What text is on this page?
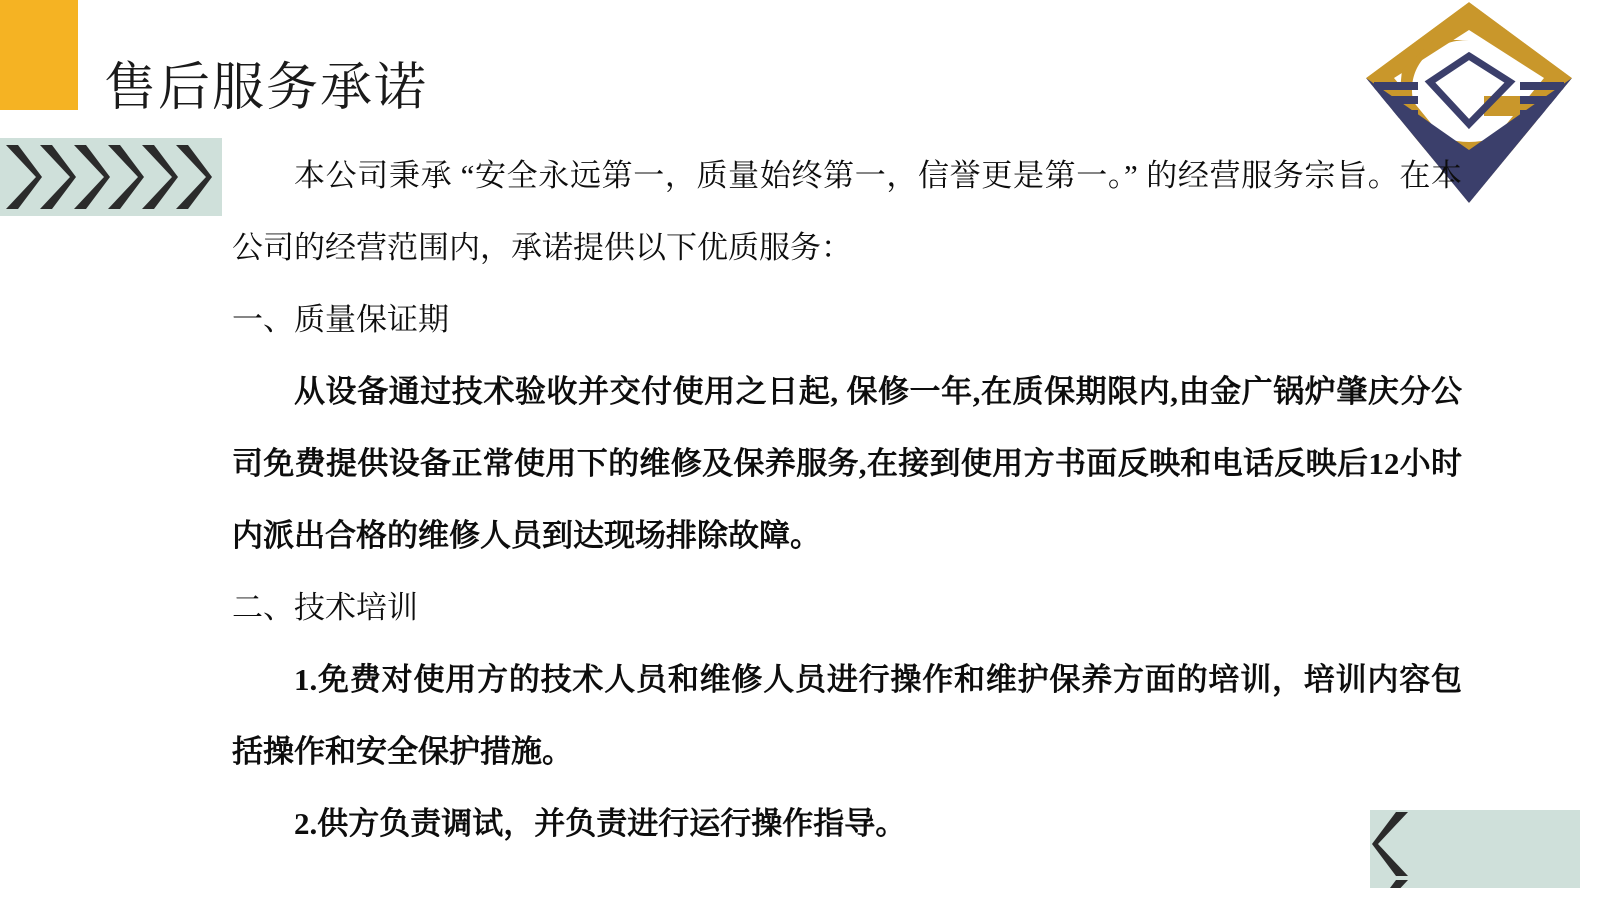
售后服务承诺

本公司秉承 “安全永远第一，质量始终第一，信誉更是第一。” 的经营服务宗旨。在本公司的经营范围内，承诺提供以下优质服务：

一、质量保证期

从设备通过技术验收并交付使用之日起, 保修一年,在质保期限内,由金广锅炉肇庆分公司免费提供设备正常使用下的维修及保养服务,在接到使用方书面反映和电话反映后12小时内派出合格的维修人员到达现场排除故障。

二、技术培训

1.免费对使用方的技术人员和维修人员进行操作和维护保养方面的培训，培训内容包括操作和安全保护措施。

2.供方负责调试，并负责进行运行操作指导。
